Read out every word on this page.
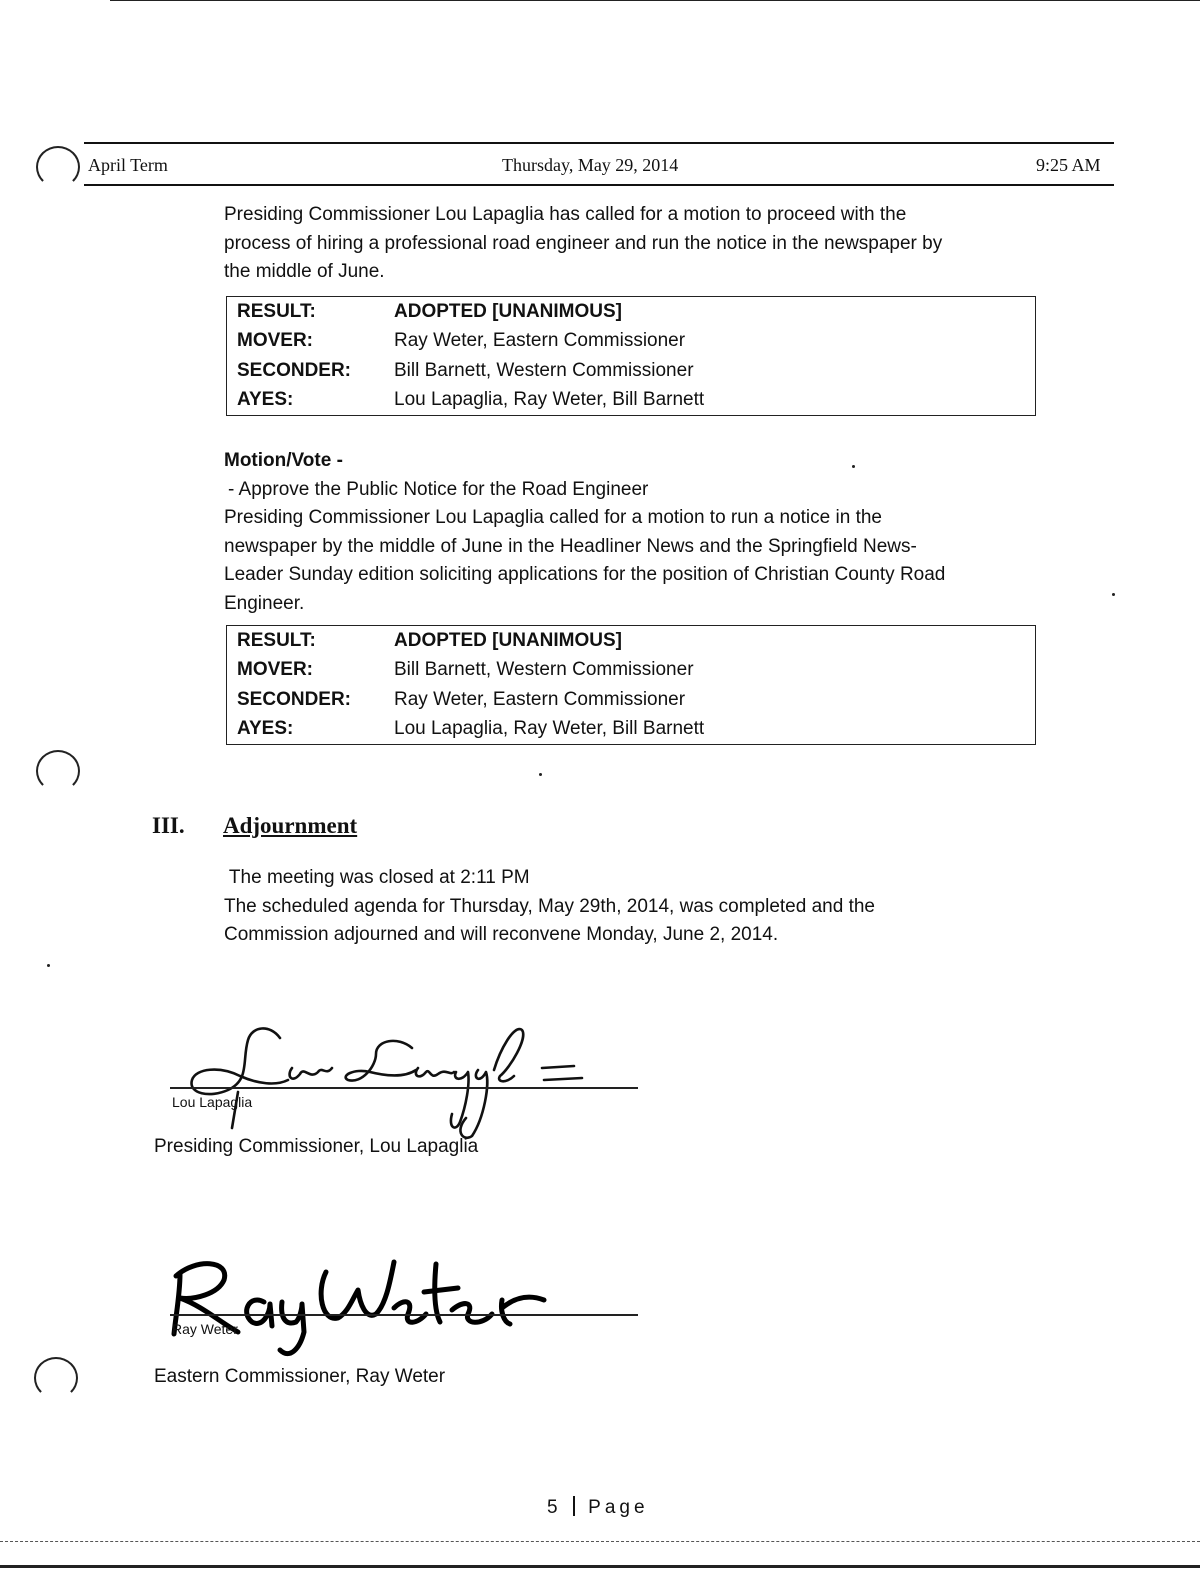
April Term	Thursday, May 29, 2014	9:25 AM
Presiding Commissioner Lou Lapaglia has called for a motion to proceed with the
process of hiring a professional road engineer and run the notice in the newspaper by
the middle of June.
RESULT:	ADOPTED [UNANIMOUS]
MOVER:	Ray Weter, Eastern Commissioner
SECONDER:	Bill Barnett, Western Commissioner
AYES:	Lou Lapaglia, Ray Weter, Bill Barnett
Motion/Vote -
- Approve the Public Notice for the Road Engineer
Presiding Commissioner Lou Lapaglia called for a motion to run a notice in the
newspaper by the middle of June in the Headliner News and the Springfield News-
Leader Sunday edition soliciting applications for the position of Christian County Road
Engineer.
RESULT:	ADOPTED [UNANIMOUS]
MOVER:	Bill Barnett, Western Commissioner
SECONDER:	Ray Weter, Eastern Commissioner
AYES:	Lou Lapaglia, Ray Weter, Bill Barnett
III. Adjournment
The meeting was closed at 2:11 PM
The scheduled agenda for Thursday, May 29th, 2014, was completed and the
Commission adjourned and will reconvene Monday, June 2, 2014.
Lou Lapaglia
Presiding Commissioner, Lou Lapaglia
Ray Weter
Eastern Commissioner, Ray Weter
5 Page
